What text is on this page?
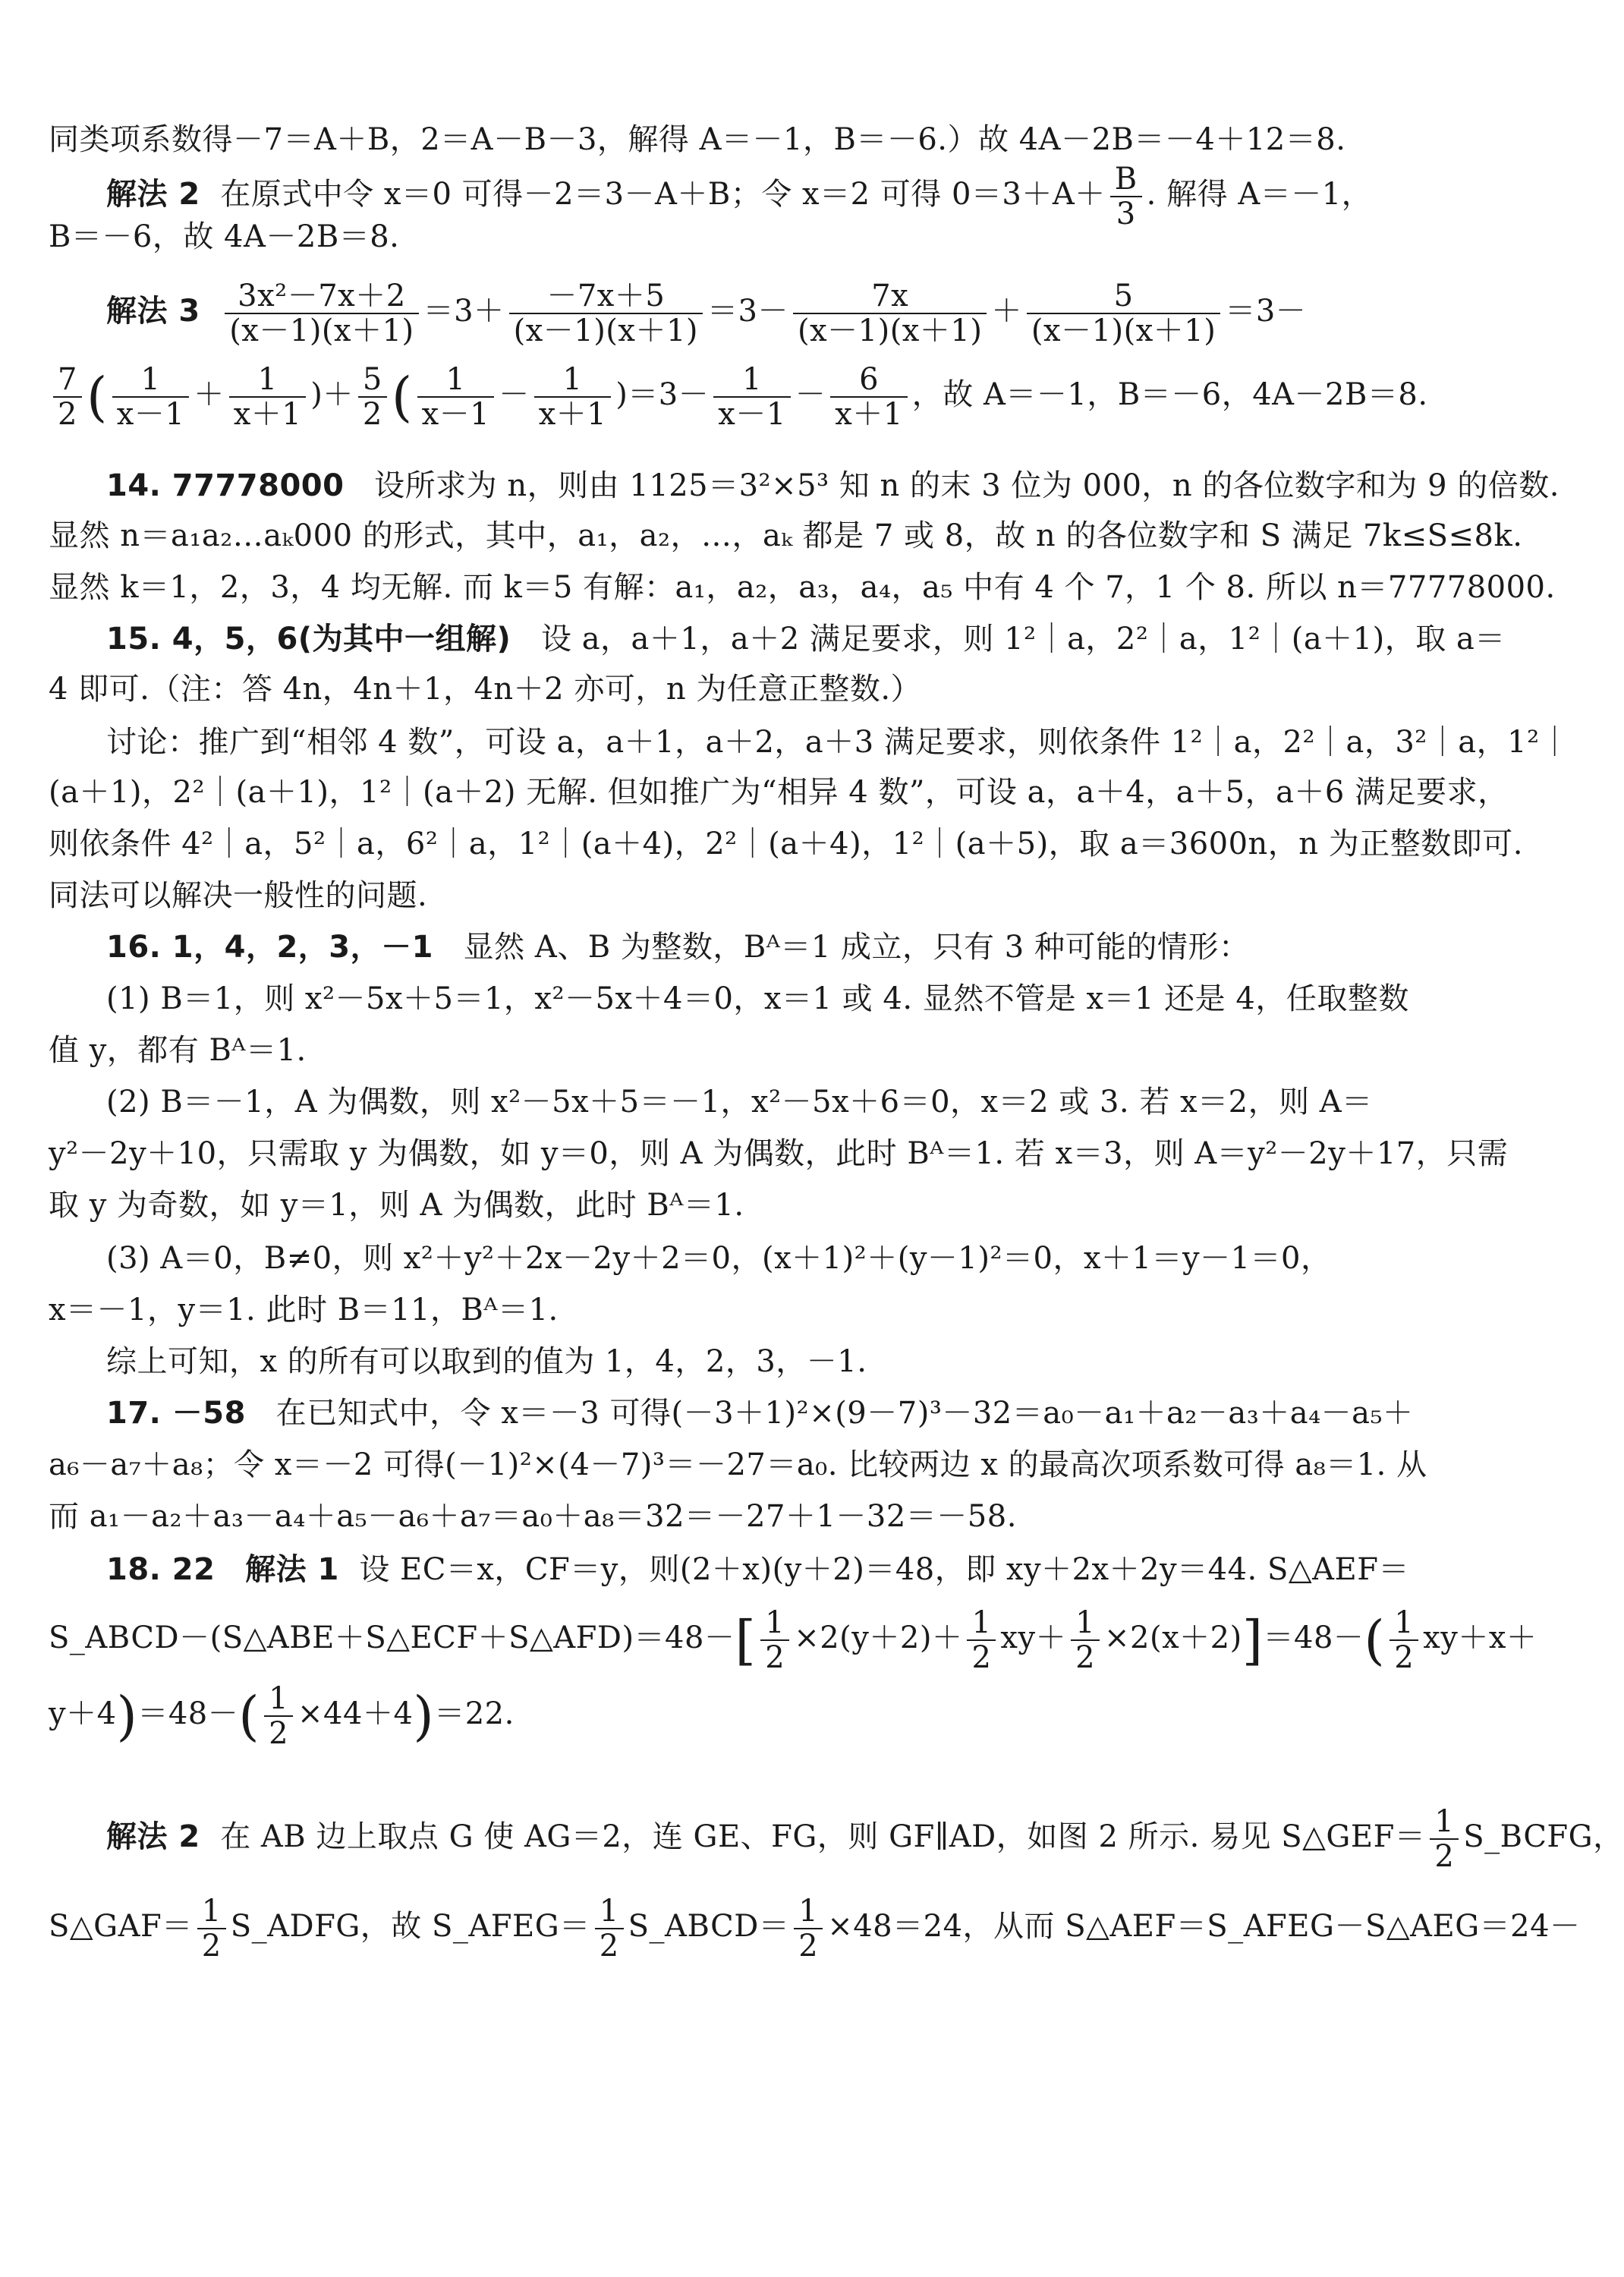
同类项系数得－7＝A＋B，2＝A－B－3，解得 A＝－1，B＝－6.）故 4A－2B＝－4＋12＝8.
解法 2 在原式中令 x＝0 可得－2＝3－A＋B；令 x＝2 可得 $0=3+A+ \frac{B}{3}$ . 解得 A＝－1，
B＝－6，故 4A－2B＝8.
解法 $3 \frac{\text{3x²－7x＋2}}{(x-1)(x+1)} =3+ \frac{-7x+5}{(x-1)(x+1)} =3- \frac{7x}{(x-1)(x+1)} + \frac{5}{(x-1)(x+1)} =3-$
$\frac{7}{2}$ ( $\frac{1}{x-1} + \frac{1}{x+1}$ )＋ $\frac{5}{2}$ ( $\frac{1}{x-1} - \frac{1}{x+1} )=3- \frac{1}{x-1} - \frac{6}{x+1}$ ，故 A＝－1，B＝－6，4A－2B＝8.
14. 77778000 设所求为 n，则由 1125＝3²×5³ 知 n 的末 3 位为 000，n 的各位数字和为 9 的倍数.
显然 n＝a₁a₂…aₖ000 的形式，其中，a₁，a₂，…，aₖ 都是 7 或 8，故 n 的各位数字和 S 满足 7k≤S≤8k.
显然 k＝1，2，3，4 均无解. 而 k＝5 有解：a₁，a₂，a₃，a₄，a₅ 中有 4 个 7，1 个 8. 所以 n＝77778000.
15. 4，5，6(为其中一组解) 设 a，a＋1，a＋2 满足要求，则 1²｜a，2²｜a，1²｜(a＋1)，取 a＝
4 即可.（注：答 4n，4n＋1，4n＋2 亦可，n 为任意正整数.）
讨论：推广到“相邻 4 数”，可设 a，a＋1，a＋2，a＋3 满足要求，则依条件 1²｜a，2²｜a，3²｜a，1²｜
(a＋1)，2²｜(a＋1)，1²｜(a＋2) 无解. 但如推广为“相异 4 数”，可设 a，a＋4，a＋5，a＋6 满足要求，
则依条件 4²｜a，5²｜a，6²｜a，1²｜(a＋4)，2²｜(a＋4)，1²｜(a＋5)，取 a＝3600n，n 为正整数即可.
同法可以解决一般性的问题.
16. 1，4，2，3，－1 显然 A、B 为整数，Bᴬ＝1 成立，只有 3 种可能的情形：
(1) B＝1，则 x²－5x＋5＝1，x²－5x＋4＝0，x＝1 或 4. 显然不管是 x＝1 还是 4，任取整数
值 y，都有 Bᴬ＝1.
(2) B＝－1，A 为偶数，则 x²－5x＋5＝－1，x²－5x＋6＝0，x＝2 或 3. 若 x＝2，则 A＝
y²－2y＋10，只需取 y 为偶数，如 y＝0，则 A 为偶数，此时 Bᴬ＝1. 若 x＝3，则 A＝y²－2y＋17，只需
取 y 为奇数，如 y＝1，则 A 为偶数，此时 Bᴬ＝1.
(3) A＝0，B≠0，则 x²＋y²＋2x－2y＋2＝0，(x＋1)²＋(y－1)²＝0，x＋1＝y－1＝0，
x＝－1，y＝1. 此时 B＝11，Bᴬ＝1.
综上可知，x 的所有可以取到的值为 1，4，2，3，－1.
17. －58 在已知式中，令 x＝－3 可得(－3＋1)²×(9－7)³－32＝a₀－a₁＋a₂－a₃＋a₄－a₅＋
a₆－a₇＋a₈；令 x＝－2 可得(－1)²×(4－7)³＝－27＝a₀. 比较两边 x 的最高次项系数可得 a₈＝1. 从
而 a₁－a₂＋a₃－a₄＋a₅－a₆＋a₇＝a₀＋a₈＝32＝－27＋1－32＝－58.
18. 22 解法 1 设 EC＝x，CF＝y，则(2＋x)(y＋2)＝48，即 xy＋2x＋2y＝44. S△AEF＝
S_ABCD－(S△ABE＋S△ECF＋S△AFD)＝48－[ $\frac{1}{2} \times 2(y+2)+ \frac{1}{2} xy+ \frac{1}{2} \times 2(x+2)]=48-( \frac{1}{2} xy+x+$
$y+4)=48-( \frac{1}{2} \times 44+4)=22$.
解法 2 在 AB 边上取点 G 使 AG＝2，连 GE、FG，则 GF∥AD，如图 2 所示. 易见 S△GEF＝ $\frac{1}{2}$ S_BCFG，
S△GAF＝ $\frac{1}{2}$ S_ADFG，故 S_AFEG＝ $\frac{1}{2}$ S_ABCD＝ $\frac{1}{2} \times 48=24$，从而 S△AEF＝S_AFEG－S△AEG＝24－
